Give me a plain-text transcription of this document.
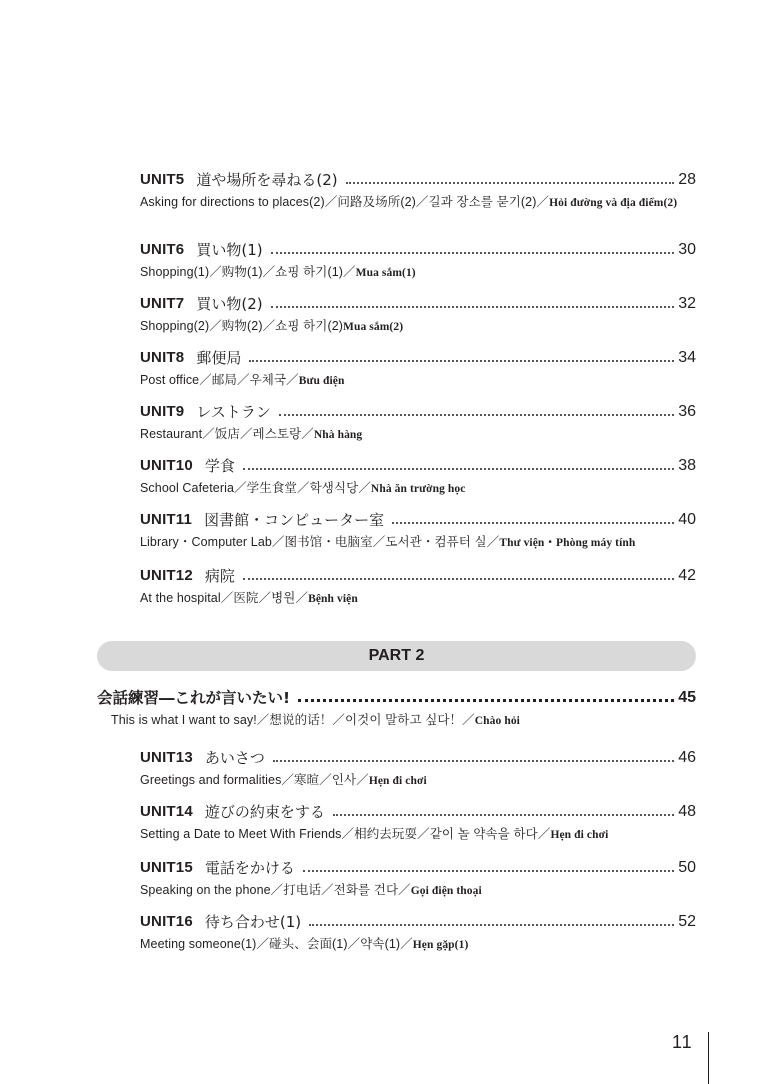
UNIT5 道や場所を尋ねる(2)	28
Asking for directions to places(2)／问路及场所(2)／길과 장소를 묻기(2)／Hỏi đường và địa điểm(2)
UNIT6 買い物(1)	30
Shopping(1)／购物(1)／쇼핑 하기(1)／Mua sắm(1)
UNIT7 買い物(2)	32
Shopping(2)／购物(2)／쇼핑 하기(2)Mua sắm(2)
UNIT8 郵便局	34
Post office／邮局／우체국／Bưu điện
UNIT9 レストラン	36
Restaurant／饭店／레스토랑／Nhà hàng
UNIT10 学食	38
School Cafeteria／学生食堂／학생식당／Nhà ăn trường học
UNIT11 図書館・コンピューター室	40
Library・Computer Lab／图书馆・电脑室／도서관・컴퓨터 실／Thư viện・Phòng máy tính
UNIT12 病院	42
At the hospital／医院／병원／Bệnh viện
PART 2
会話練習―これが言いたい!	45
This is what I want to say!／想说的话！／이것이 말하고 싶다！／Chào hỏi
UNIT13 あいさつ	46
Greetings and formalities／寒暄／인사／Hẹn đi chơi
UNIT14 遊びの約束をする	48
Setting a Date to Meet With Friends／相约去玩耍／같이 놀 약속을 하다／Hẹn đi chơi
UNIT15 電話をかける	50
Speaking on the phone／打电话／전화를 건다／Gọi điện thoại
UNIT16 待ち合わせ(1)	52
Meeting someone(1)／碰头、会面(1)／약속(1)／Hẹn gặp(1)
11
